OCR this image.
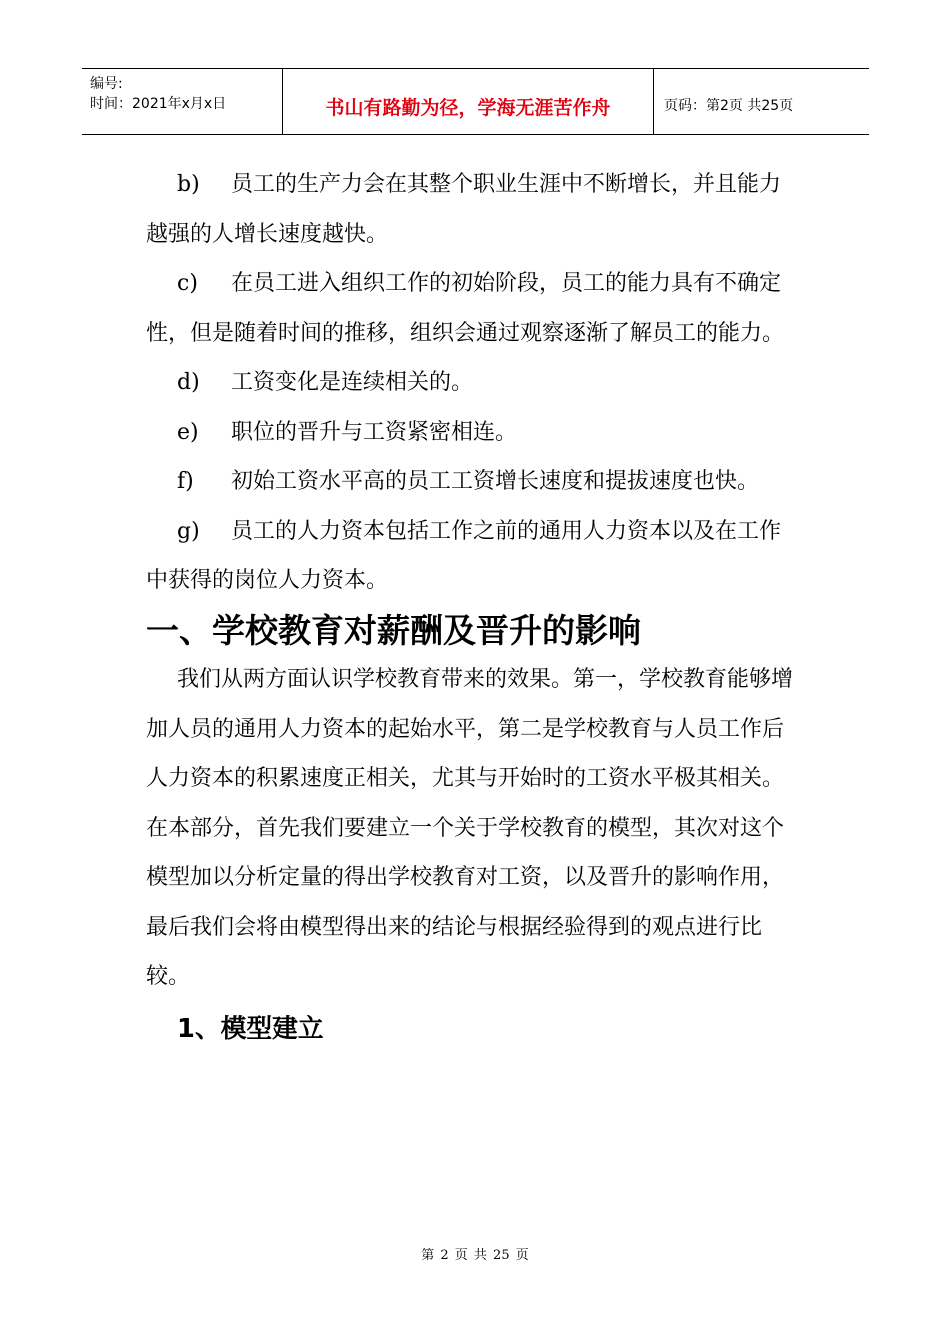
编号:
时间：2021年x月x日	书山有路勤为径，学海无涯苦作舟	页码：第2页 共25页

b) 员工的生产力会在其整个职业生涯中不断增长，并且能力越强的人增长速度越快。

c) 在员工进入组织工作的初始阶段，员工的能力具有不确定性，但是随着时间的推移，组织会通过观察逐渐了解员工的能力。

d) 工资变化是连续相关的。

e) 职位的晋升与工资紧密相连。

f) 初始工资水平高的员工工资增长速度和提拔速度也快。

g) 员工的人力资本包括工作之前的通用人力资本以及在工作中获得的岗位人力资本。

一、学校教育对薪酬及晋升的影响

我们从两方面认识学校教育带来的效果。第一，学校教育能够增加人员的通用人力资本的起始水平，第二是学校教育与人员工作后人力资本的积累速度正相关，尤其与开始时的工资水平极其相关。在本部分，首先我们要建立一个关于学校教育的模型，其次对这个模型加以分析定量的得出学校教育对工资，以及晋升的影响作用，最后我们会将由模型得出来的结论与根据经验得到的观点进行比较。

1、模型建立
第 2 页 共 25 页
